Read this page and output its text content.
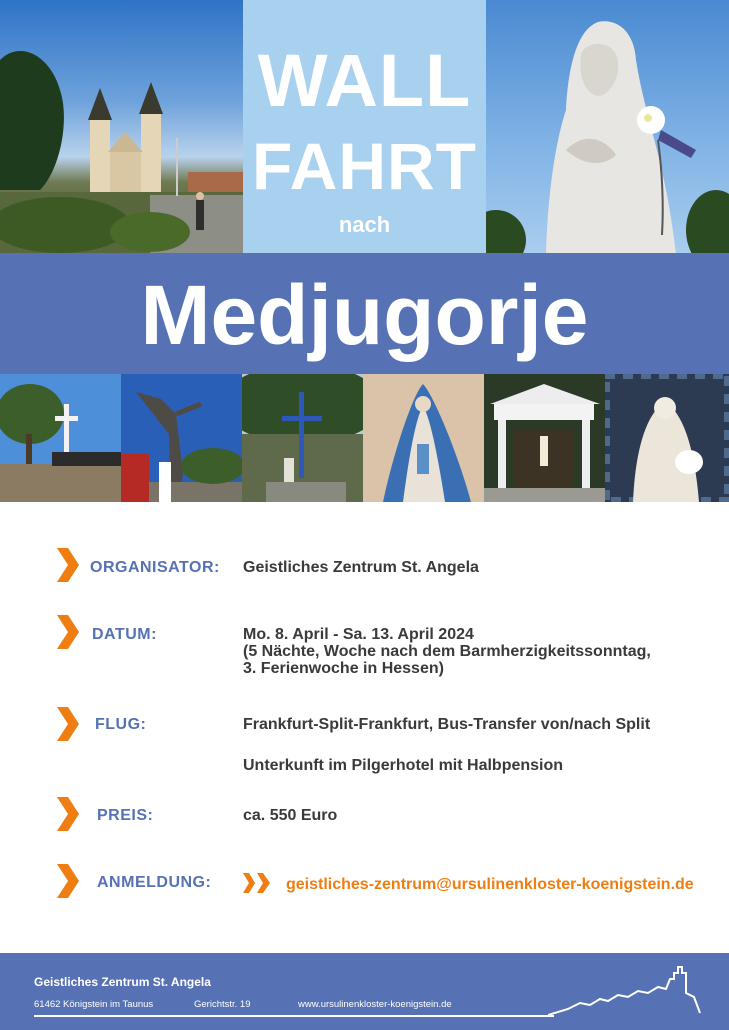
WALL
FAHRT
nach
Medjugorje
ORGANISATOR: Geistliches Zentrum St. Angela
DATUM:	Mo. 8. April - Sa. 13. April 2024
(5 Nächte, Woche nach dem Barmherzigkeitssonntag,
3. Ferienwoche in Hessen)
FLUG:	Frankfurt-Split-Frankfurt, Bus-Transfer von/nach Split
Unterkunft im Pilgerhotel mit Halbpension
PREIS:	ca. 550 Euro
ANMELDUNG:	geistliches-zentrum@ursulinenkloster-koenigstein.de
Geistliches Zentrum St. Angela
61462 Königstein im Taunus	Gerichtstr. 19	www.ursulinenkloster-koenigstein.de
